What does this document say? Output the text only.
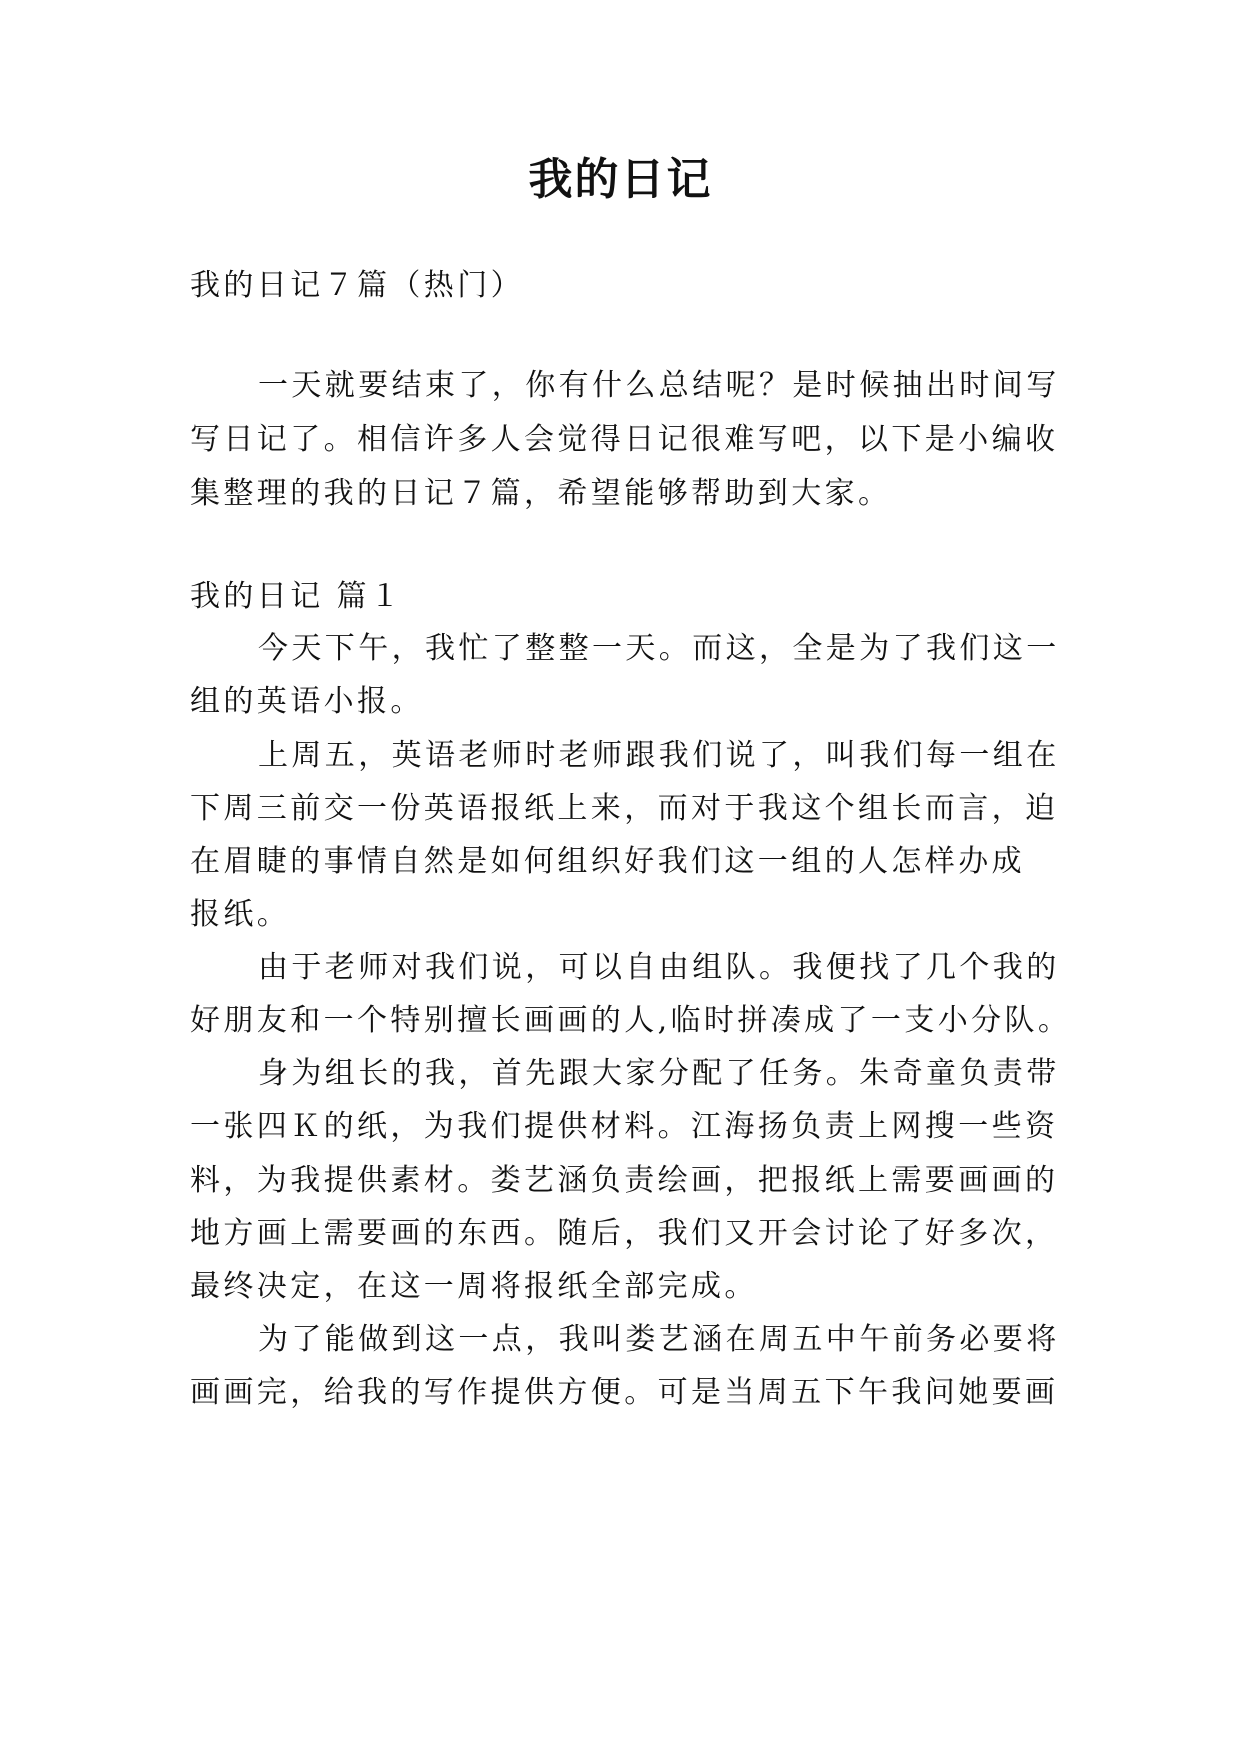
我的日记

我的日记７篇（热门）

一天就要结束了，你有什么总结呢？是时候抽出时间写

写日记了。相信许多人会觉得日记很难写吧，以下是小编收

集整理的我的日记７篇，希望能够帮助到大家。

我的日记 篇１

今天下午，我忙了整整一天。而这，全是为了我们这一

组的英语小报。

上周五，英语老师时老师跟我们说了，叫我们每一组在

下周三前交一份英语报纸上来，而对于我这个组长而言，迫

在眉睫的事情自然是如何组织好我们这一组的人怎样办成

报纸。

由于老师对我们说，可以自由组队。我便找了几个我的

好朋友和一个特别擅长画画的人,临时拼凑成了一支小分队。

身为组长的我，首先跟大家分配了任务。朱奇童负责带

一张四Ｋ的纸，为我们提供材料。江海扬负责上网搜一些资

料，为我提供素材。娄艺涵负责绘画，把报纸上需要画画的

地方画上需要画的东西。随后，我们又开会讨论了好多次，

最终决定，在这一周将报纸全部完成。

为了能做到这一点，我叫娄艺涵在周五中午前务必要将

画画完，给我的写作提供方便。可是当周五下午我问她要画
